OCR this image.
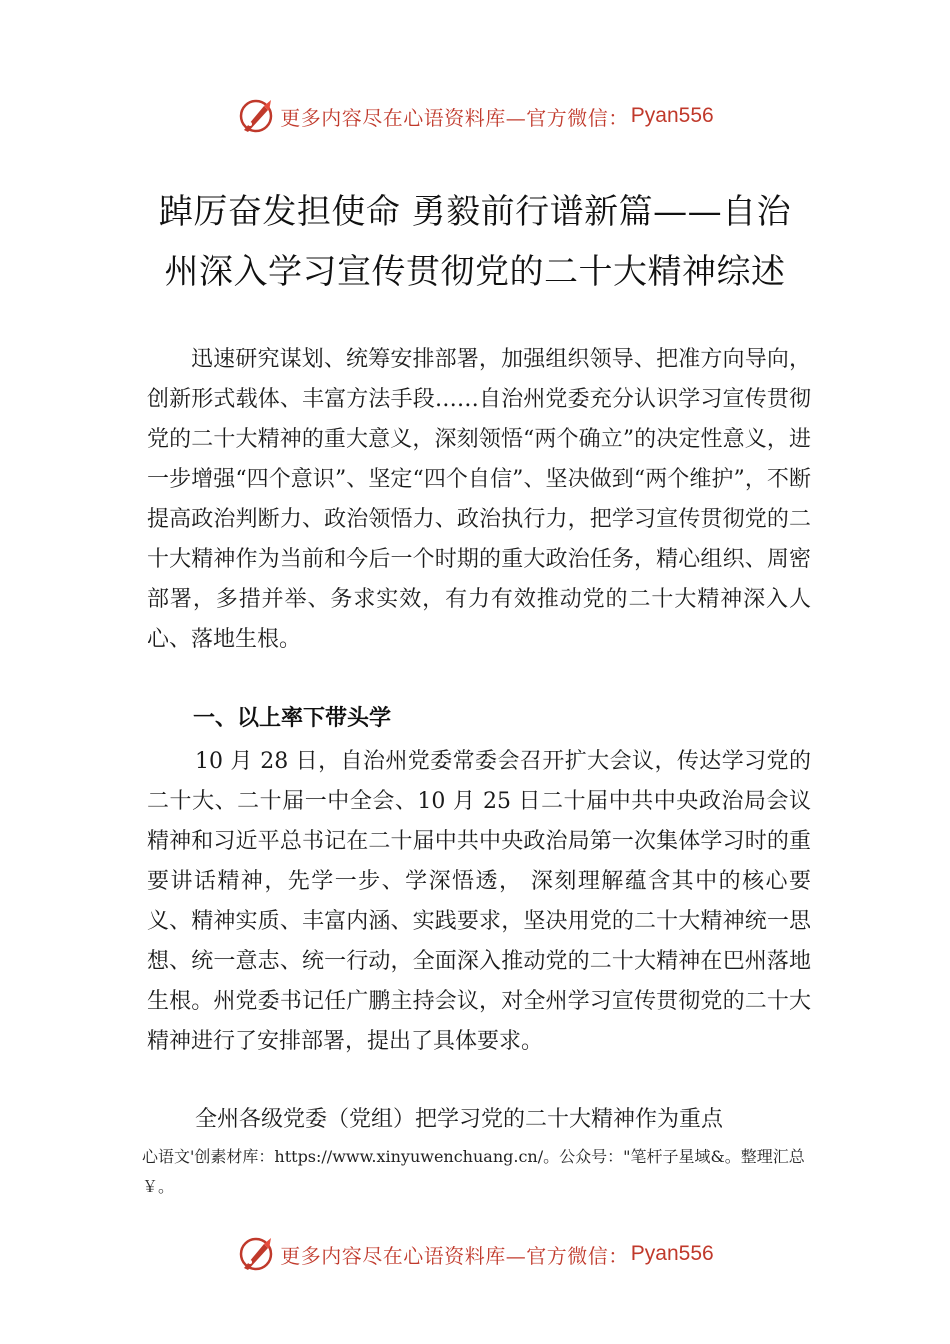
更多内容尽在心语资料库—官方微信： Pyan556
踔厉奋发担使命 勇毅前行谱新篇——自治
州深入学习宣传贯彻党的二十大精神综述
迅速研究谋划、统筹安排部署，加强组织领导、把准方向导向，创新形式载体、丰富方法手段……自治州党委充分认识学习宣传贯彻党的二十大精神的重大意义，深刻领悟“两个确立”的决定性意义，进一步增强“四个意识”、坚定“四个自信”、坚决做到“两个维护”，不断提高政治判断力、政治领悟力、政治执行力，把学习宣传贯彻党的二十大精神作为当前和今后一个时期的重大政治任务，精心组织、周密部署，多措并举、务求实效，有力有效推动党的二十大精神深入人心、落地生根。
一、以上率下带头学
10 月 28 日，自治州党委常委会召开扩大会议，传达学习党的二十大、二十届一中全会、10 月 25 日二十届中共中央政治局会议精神和习近平总书记在二十届中共中央政治局第一次集体学习时的重要讲话精神，先学一步、学深悟透， 深刻理解蕴含其中的核心要义、精神实质、丰富内涵、实践要求，坚决用党的二十大精神统一思想、统一意志、统一行动，全面深入推动党的二十大精神在巴州落地生根。州党委书记任广鹏主持会议，对全州学习宣传贯彻党的二十大精神进行了安排部署，提出了具体要求。
全州各级党委（党组）把学习党的二十大精神作为重点
心语文'创素材库：https://www.xinyuwenchuang.cn/。公众号："笔杆子星域&。整理汇总￥。
更多内容尽在心语资料库—官方微信： Pyan556
